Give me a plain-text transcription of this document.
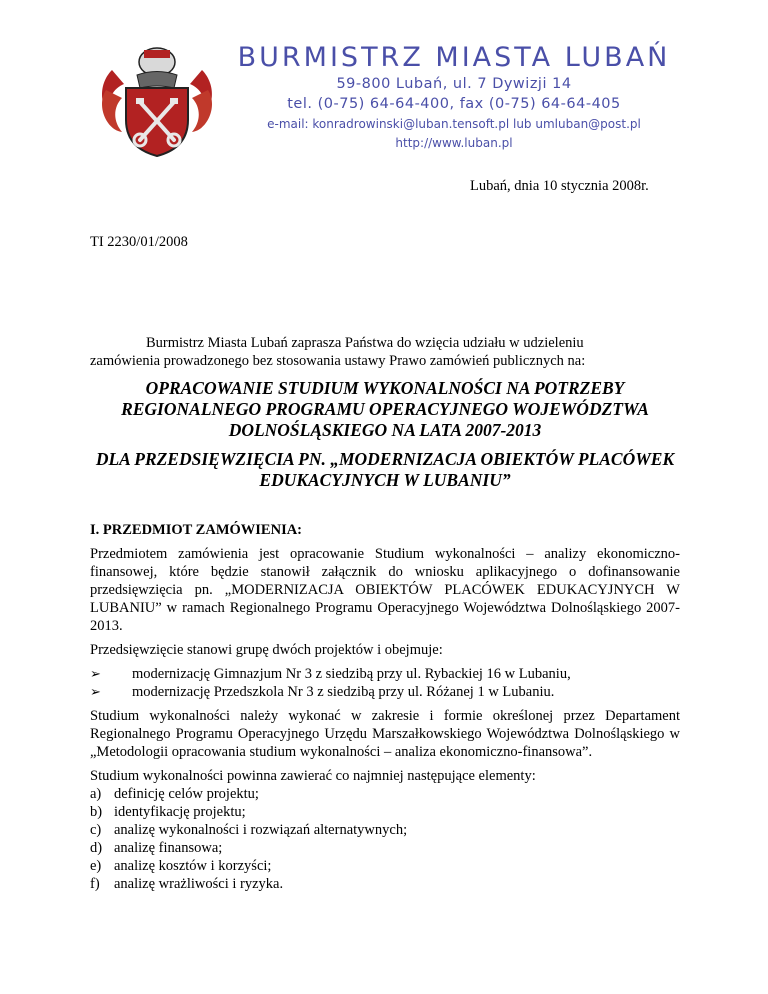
BURMISTRZ MIASTA LUBAŃ
59-800 Lubań, ul. 7 Dywizji 14
tel. (0-75) 64-64-400, fax (0-75) 64-64-405
e-mail: konradrowinski@luban.tensoft.pl lub umluban@post.pl
http://www.luban.pl
Lubań, dnia 10 stycznia 2008r.
TI 2230/01/2008
Burmistrz Miasta Lubań zaprasza Państwa do wzięcia udziału w udzieleniu
zamówienia prowadzonego bez stosowania ustawy Prawo zamówień publicznych na:
OPRACOWANIE STUDIUM WYKONALNOŚCI NA POTRZEBY REGIONALNEGO PROGRAMU OPERACYJNEGO WOJEWÓDZTWA DOLNOŚLĄSKIEGO NA LATA 2007-2013
DLA PRZEDSIĘWZIĘCIA PN. „MODERNIZACJA OBIEKTÓW PLACÓWEK EDUKACYJNYCH W LUBANIU”
I. PRZEDMIOT ZAMÓWIENIA:

Przedmiotem zamówienia jest opracowanie Studium wykonalności – analizy ekonomiczno-finansowej, które będzie stanowił załącznik do wniosku aplikacyjnego o dofinansowanie przedsięwzięcia pn. „MODERNIZACJA OBIEKTÓW PLACÓWEK EDUKACYJNYCH W LUBANIU” w ramach Regionalnego Programu Operacyjnego Województwa Dolnośląskiego 2007-2013.

Przedsięwzięcie stanowi grupę dwóch projektów i obejmuje:

➢ modernizację Gimnazjum Nr 3 z siedzibą przy ul. Rybackiej 16 w Lubaniu,
➢ modernizację Przedszkola Nr 3 z siedzibą przy ul. Różanej 1 w Lubaniu.

Studium wykonalności należy wykonać w zakresie i formie określonej przez Departament Regionalnego Programu Operacyjnego Urzędu Marszałkowskiego Województwa Dolnośląskiego w „Metodologii opracowania studium wykonalności – analiza ekonomiczno-finansowa”.

Studium wykonalności powinna zawierać co najmniej następujące elementy:
a) definicję celów projektu;
b) identyfikację projektu;
c) analizę wykonalności i rozwiązań alternatywnych;
d) analizę finansowa;
e) analizę kosztów i korzyści;
f) analizę wrażliwości i ryzyka.
